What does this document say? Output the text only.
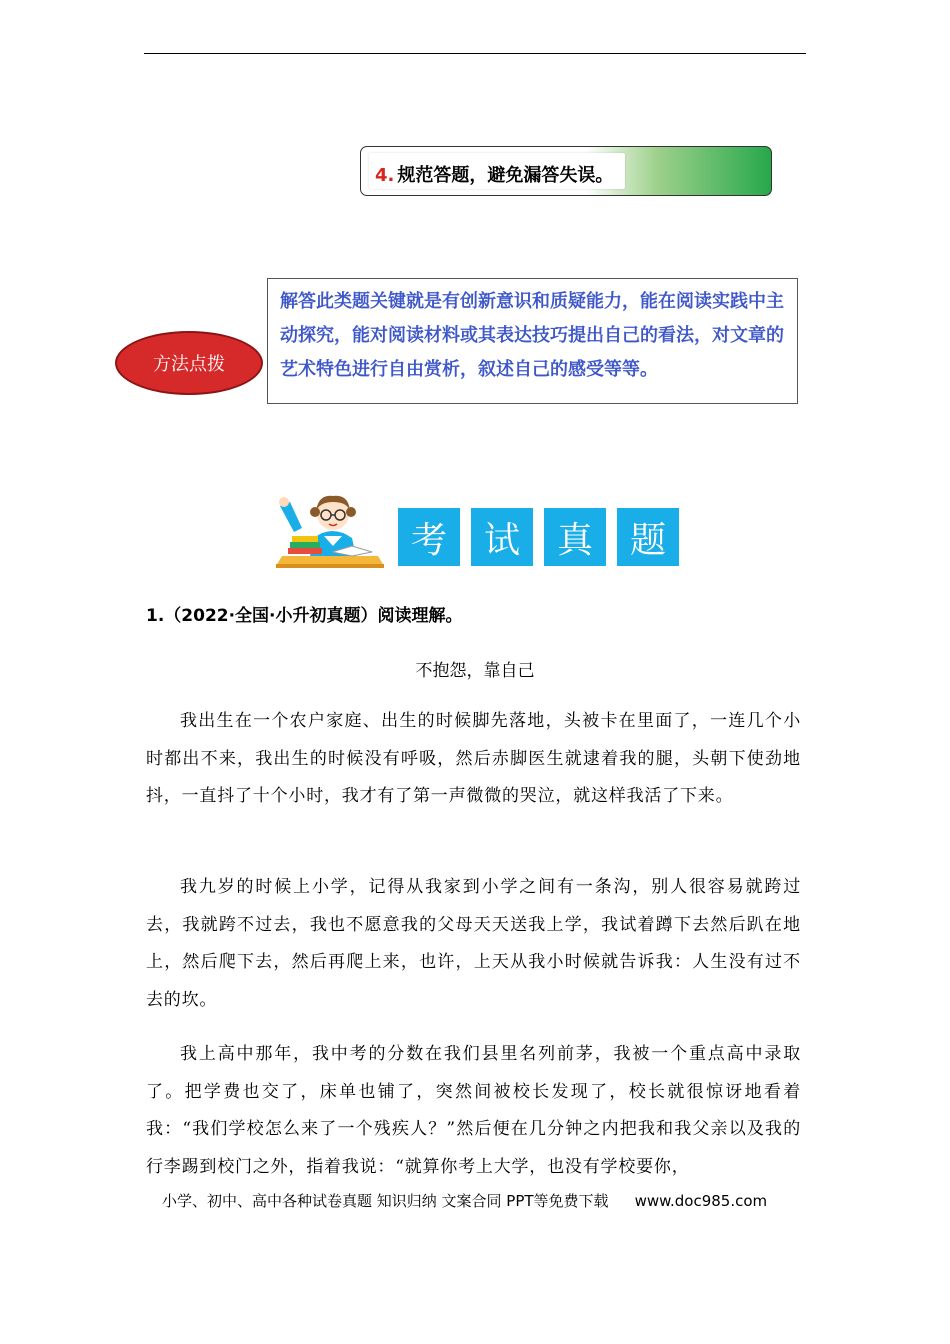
4. 规范答题，避免漏答失误。
方法点拨
解答此类题关键就是有创新意识和质疑能力，能在阅读实践中主动探究，能对阅读材料或其表达技巧提出自己的看法，对文章的艺术特色进行自由赏析，叙述自己的感受等等。
考	试	真	题
1.（2022·全国·小升初真题）阅读理解。
不抱怨，靠自己
我出生在一个农户家庭、出生的时候脚先落地，头被卡在里面了，一连几个小时都出不来，我出生的时候没有呼吸，然后赤脚医生就逮着我的腿，头朝下使劲地抖，一直抖了十个小时，我才有了第一声微微的哭泣，就这样我活了下来。
我九岁的时候上小学，记得从我家到小学之间有一条沟，别人很容易就跨过去，我就跨不过去，我也不愿意我的父母天天送我上学，我试着蹲下去然后趴在地上，然后爬下去，然后再爬上来，也许，上天从我小时候就告诉我：人生没有过不去的坎。
我上高中那年，我中考的分数在我们县里名列前茅，我被一个重点高中录取了。把学费也交了，床单也铺了，突然间被校长发现了，校长就很惊讶地看着我：“我们学校怎么来了一个残疾人？”然后便在几分钟之内把我和我父亲以及我的行李踢到校门之外，指着我说：“就算你考上大学，也没有学校要你，
小学、初中、高中各种试卷真题 知识归纳 文案合同 PPT等免费下载 www.doc985.com
